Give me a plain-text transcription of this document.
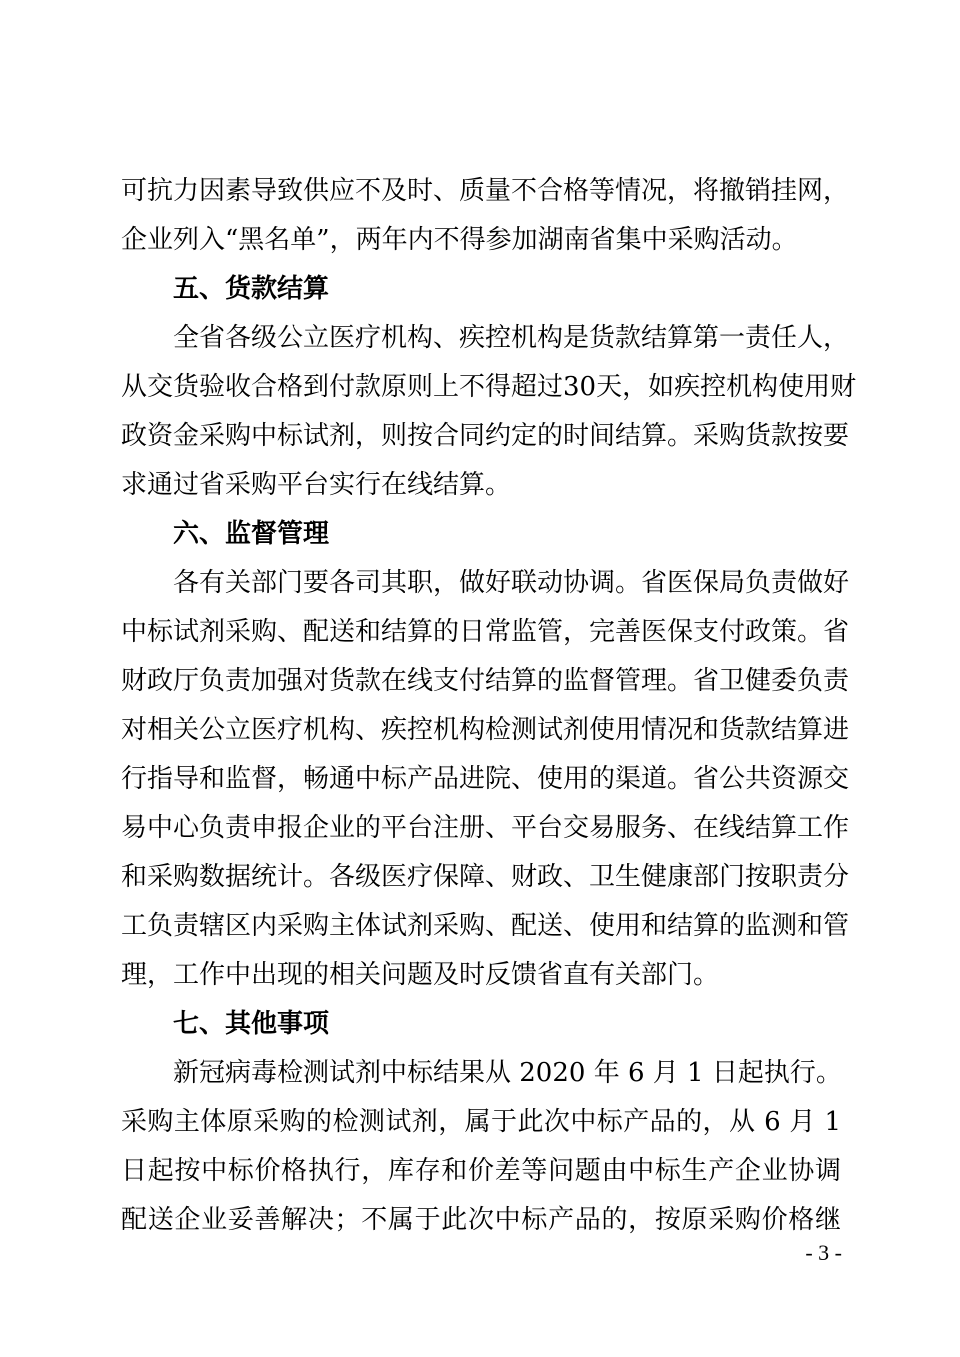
可抗力因素导致供应不及时、质量不合格等情况，将撤销挂网，
企业列入“黑名单”，两年内不得参加湖南省集中采购活动。
五、货款结算
全省各级公立医疗机构、疾控机构是货款结算第一责任人，
从交货验收合格到付款原则上不得超过30天，如疾控机构使用财
政资金采购中标试剂，则按合同约定的时间结算。采购货款按要
求通过省采购平台实行在线结算。
六、监督管理
各有关部门要各司其职，做好联动协调。省医保局负责做好
中标试剂采购、配送和结算的日常监管，完善医保支付政策。省
财政厅负责加强对货款在线支付结算的监督管理。省卫健委负责
对相关公立医疗机构、疾控机构检测试剂使用情况和货款结算进
行指导和监督，畅通中标产品进院、使用的渠道。省公共资源交
易中心负责申报企业的平台注册、平台交易服务、在线结算工作
和采购数据统计。各级医疗保障、财政、卫生健康部门按职责分
工负责辖区内采购主体试剂采购、配送、使用和结算的监测和管
理，工作中出现的相关问题及时反馈省直有关部门。
七、其他事项
新冠病毒检测试剂中标结果从 2020 年 6 月 1 日起执行。
采购主体原采购的检测试剂，属于此次中标产品的，从 6 月 1
日起按中标价格执行，库存和价差等问题由中标生产企业协调
配送企业妥善解决；不属于此次中标产品的，按原采购价格继
- 3 -
